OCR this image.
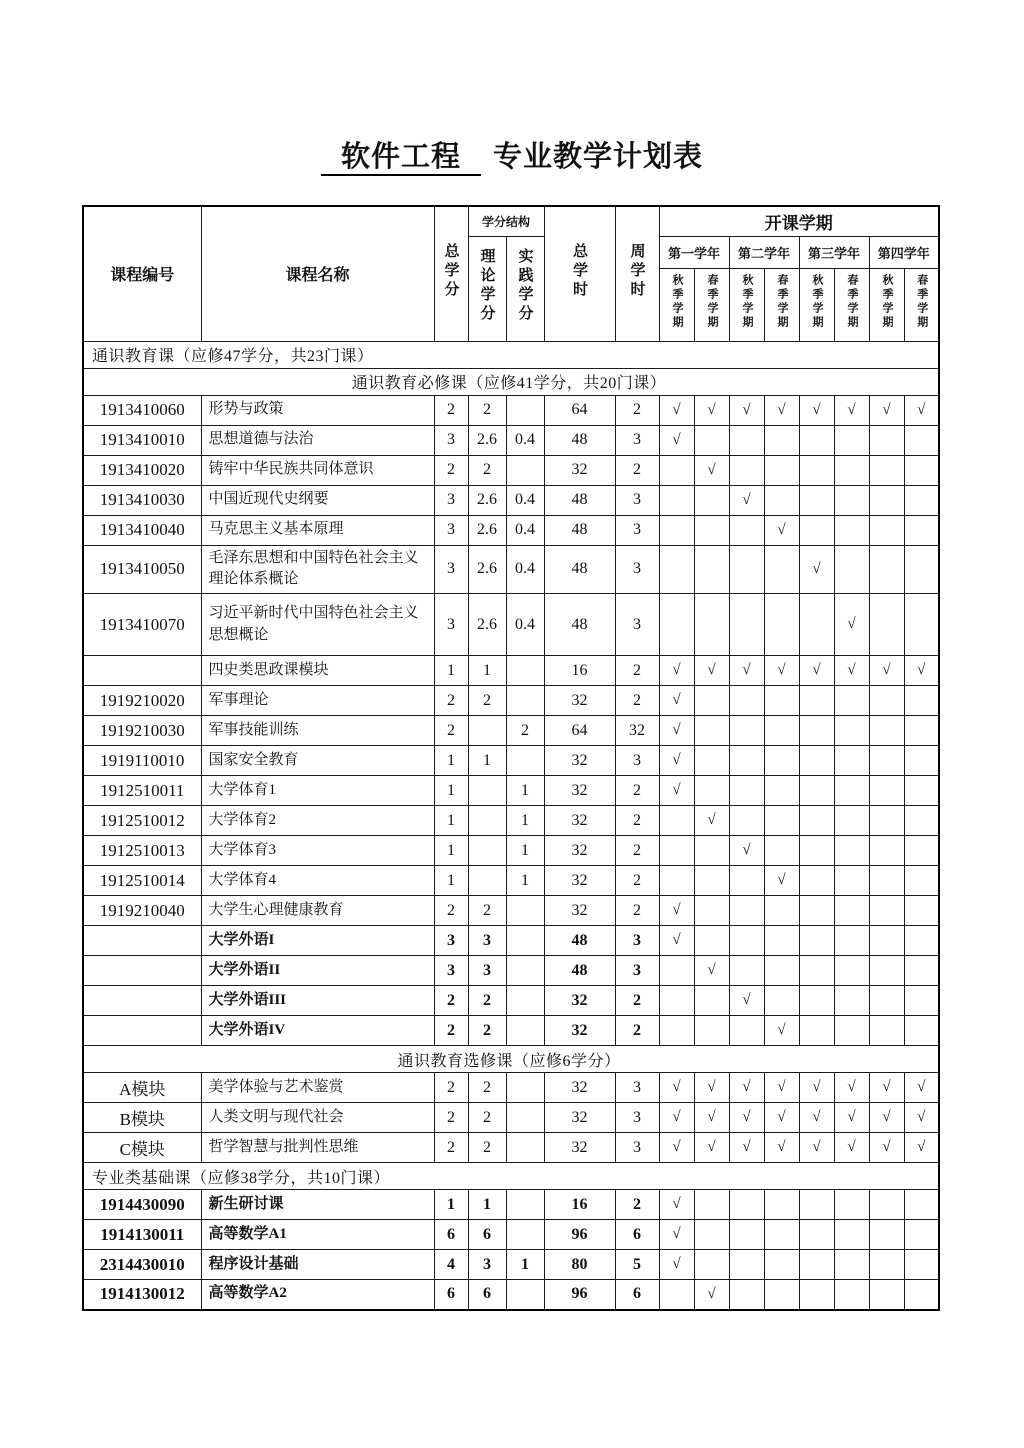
软件工程 专业教学计划表
课程编号	课程名称	总学分	学分结构		总学时	周学时	开课学期							
			理论学分	实践学分			第一学年		第二学年		第三学年		第四学年	
							秋季学期	春季学期	秋季学期	春季学期	秋季学期	春季学期	秋季学期	春季学期
通识教育课（应修47学分，共23门课）														
通识教育必修课（应修41学分，共20门课）														
1913410060	形势与政策	2	2		64	2	√	√	√	√	√	√	√	√
1913410010	思想道德与法治	3	2.6	0.4	48	3	√							
1913410020	铸牢中华民族共同体意识	2	2		32	2		√						
1913410030	中国近现代史纲要	3	2.6	0.4	48	3			√					
1913410040	马克思主义基本原理	3	2.6	0.4	48	3				√				
1913410050	毛泽东思想和中国特色社会主义理论体系概论	3	2.6	0.4	48	3					√			
1913410070	习近平新时代中国特色社会主义思想概论	3	2.6	0.4	48	3						√		
	四史类思政课模块	1	1		16	2	√	√	√	√	√	√	√	√
1919210020	军事理论	2	2		32	2	√							
1919210030	军事技能训练	2		2	64	32	√							
1919110010	国家安全教育	1	1		32	3	√							
1912510011	大学体育1	1		1	32	2	√							
1912510012	大学体育2	1		1	32	2		√						
1912510013	大学体育3	1		1	32	2			√					
1912510014	大学体育4	1		1	32	2				√				
1919210040	大学生心理健康教育	2	2		32	2	√							
	大学外语I	3	3		48	3	√							
	大学外语II	3	3		48	3		√						
	大学外语III	2	2		32	2			√					
	大学外语IV	2	2		32	2				√				
通识教育选修课（应修6学分）														
A模块	美学体验与艺术鉴赏	2	2		32	3	√	√	√	√	√	√	√	√
B模块	人类文明与现代社会	2	2		32	3	√	√	√	√	√	√	√	√
C模块	哲学智慧与批判性思维	2	2		32	3	√	√	√	√	√	√	√	√
专业类基础课（应修38学分，共10门课）														
1914430090	新生研讨课	1	1		16	2	√							
1914130011	高等数学A1	6	6		96	6	√							
2314430010	程序设计基础	4	3	1	80	5	√							
1914130012	高等数学A2	6	6		96	6		√						
